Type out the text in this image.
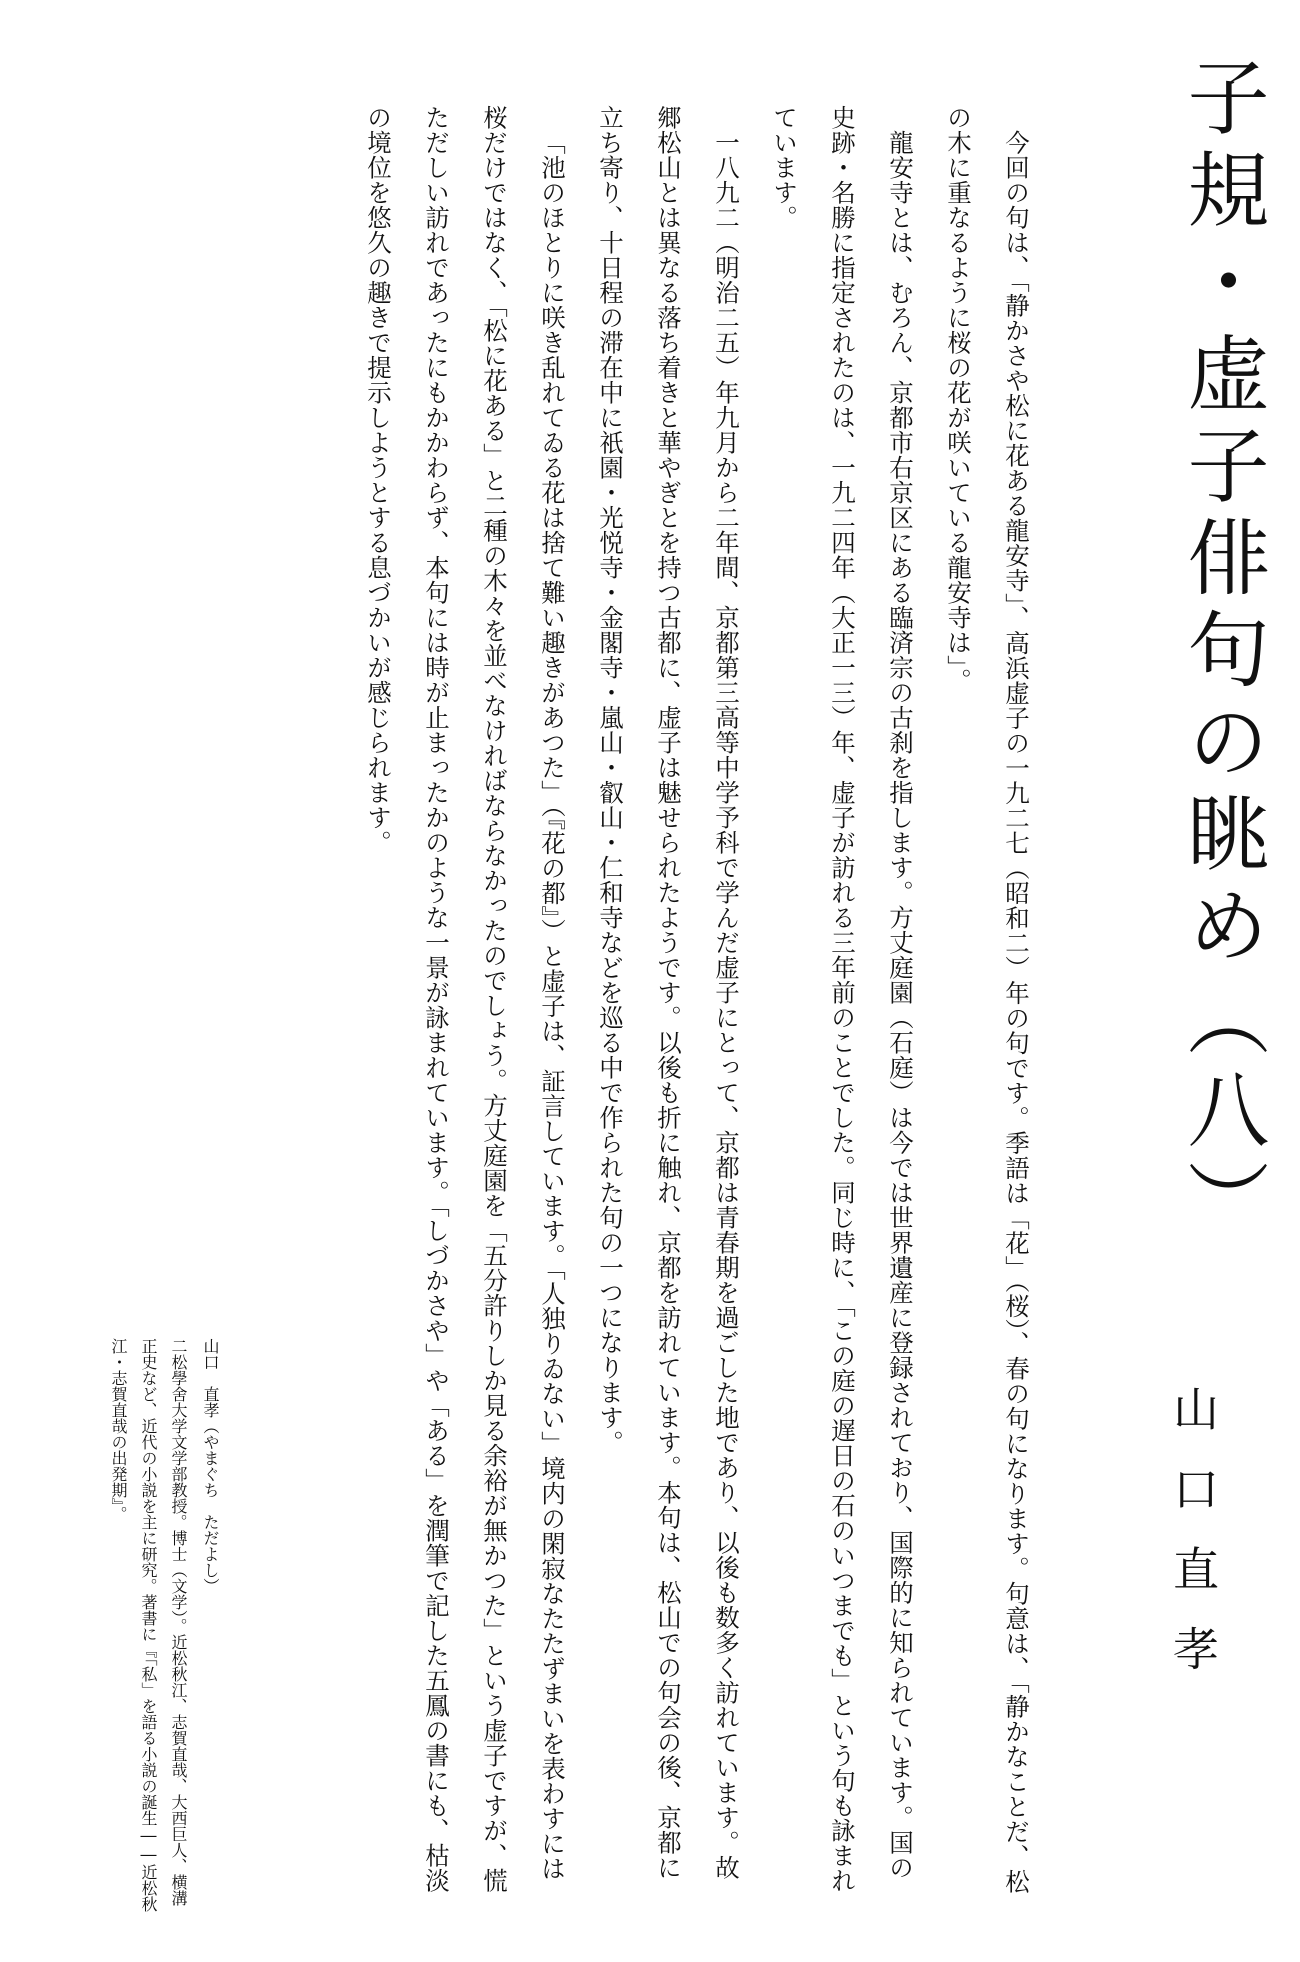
子規・虚子俳句の眺め（八）
山口直孝

今回の句は、「静かさや松に花ある龍安寺」、高浜虚子の一九二七（昭和二）年の句です。季語は「花」（桜）、春の句になります。句意は、「静かなことだ、松の木に重なるように桜の花が咲いている龍安寺は」。

龍安寺とは、むろん、京都市右京区にある臨済宗の古刹を指します。方丈庭園（石庭）は今では世界遺産に登録されており、国際的に知られています。国の史跡・名勝に指定されたのは、一九二四年（大正一三）年、虚子が訪れる三年前のことでした。同じ時に、「この庭の遅日の石のいつまでも」という句も詠まれています。

一八九二（明治二五）年九月から二年間、京都第三高等中学予科で学んだ虚子にとって、京都は青春期を過ごした地であり、以後も数多く訪れています。故郷松山とは異なる落ち着きと華やぎとを持つ古都に、虚子は魅せられたようです。以後も折に触れ、京都を訪れています。本句は、松山での句会の後、京都に立ち寄り、十日程の滞在中に祇園・光悦寺・金閣寺・嵐山・叡山・仁和寺などを巡る中で作られた句の一つになります。

「池のほとりに咲き乱れてゐる花は捨て難い趣きがあつた」（『花の都』）と虚子は、証言しています。「人独りゐない」境内の閑寂なたたずまいを表わすには桜だけではなく、「松に花ある」と二種の木々を並べなければならなかったのでしょう。方丈庭園を「五分許りしか見る余裕が無かつた」という虚子ですが、慌ただしい訪れであったにもかかわらず、本句には時が止まったかのような一景が詠まれています。「しづかさや」や「ある」を潤筆で記した五鳳の書にも、枯淡の境位を悠久の趣きで提示しようとする息づかいが感じられます。

山口　直孝（やまぐち　ただよし）
二松學舍大学文学部教授。博士（文学）。近松秋江、志賀直哉、大西巨人、横溝正史など、近代の小説を主に研究。著書に『「私」を語る小説の誕生――近松秋江・志賀直哉の出発期』。
